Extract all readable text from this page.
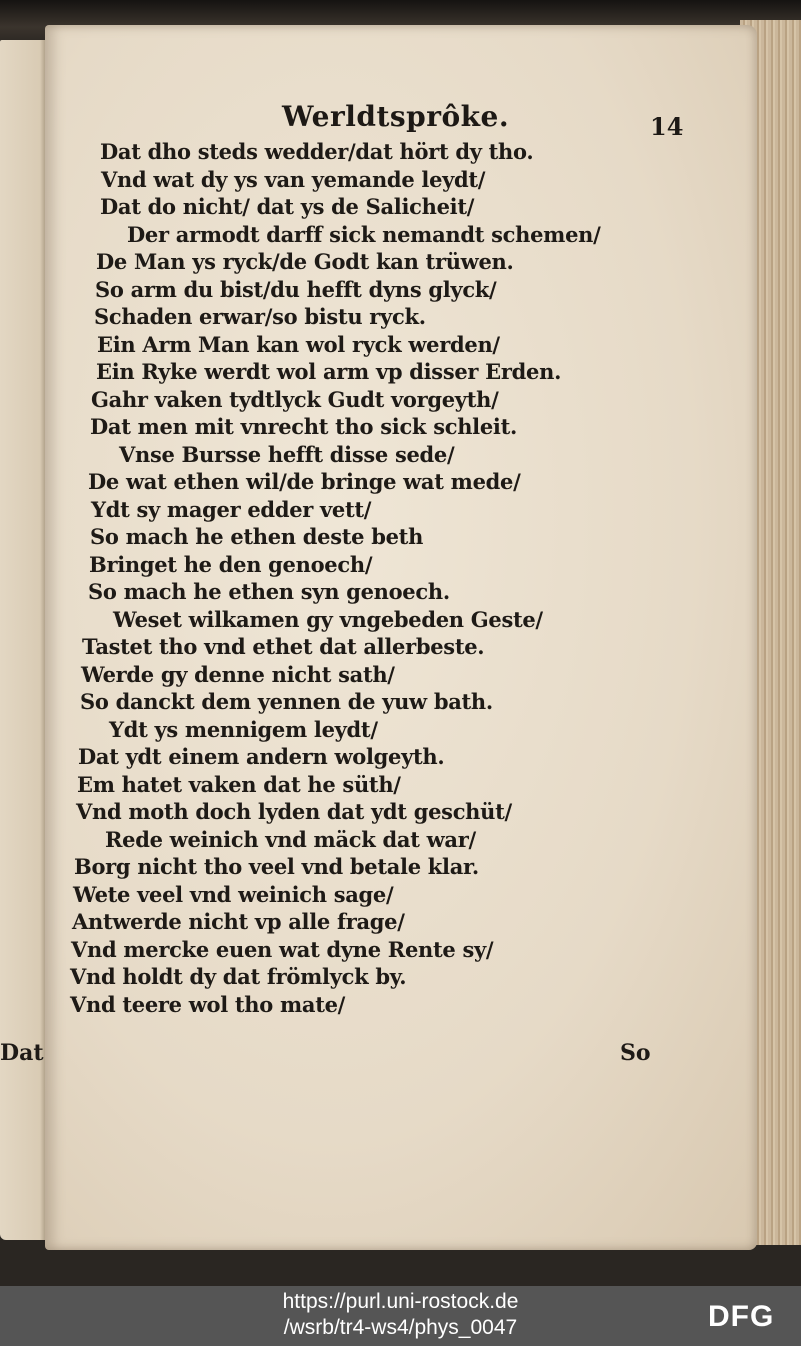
Werldtsprôke.	14
Dat dho steds wedder/dat hört dy tho.
Vnd wat dy ys van yemande leydt/
Dat do nicht/ dat ys de Salicheit/
Der armodt darff sick nemandt schemen/
De Man ys ryck/de Godt kan trüwen.
So arm du bist/du hefft dyns glyck/
Schaden erwar/so bistu ryck.
Ein Arm Man kan wol ryck werden/
Ein Ryke werdt wol arm vp disser Erden.
Gahr vaken tydtlyck Gudt vorgeyth/
Dat men mit vnrecht tho sick schleit.
Vnse Bursse hefft disse sede/
De wat ethen wil/de bringe wat mede/
Ydt sy mager edder vett/
So mach he ethen deste beth
Bringet he den genoech/
So mach he ethen syn genoech.
Weset wilkamen gy vngebeden Geste/
Tastet tho vnd ethet dat allerbeste.
Werde gy denne nicht sath/
So danckt dem yennen de yuw bath.
Ydt ys mennigem leydt/
Dat ydt einem andern wolgeyth.
Em hatet vaken dat he süth/
Vnd moth doch lyden dat ydt geschüt/
Rede weinich vnd mäck dat war/
Borg nicht tho veel vnd betale klar.
Wete veel vnd weinich sage/
Antwerde nicht vp alle frage/
Vnd mercke euen wat dyne Rente sy/
Vnd holdt dy dat frömlyck by.
Vnd teere wol tho mate/
Dat	So
https://purl.uni-rostock.de
/wsrb/tr4-ws4/phys_0047	DFG
